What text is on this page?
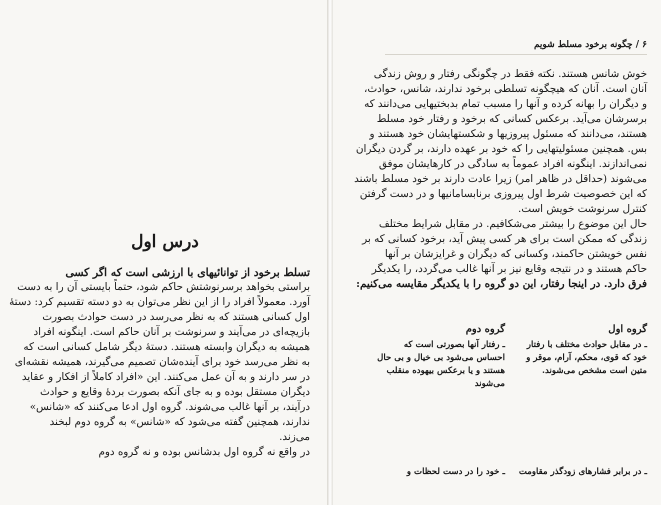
درس اول
تسلط برخود از توانائیهای با ارزشی است که اگر کسی
براستی بخواهد برسرنوشتش حاکم شود، حتماً بایستی آن را به دست
آورد. معمولاً افراد را از این نظر می‌توان به دو دسته تقسیم کرد: دستهٔ
اول کسانی هستند که به نظر می‌رسد در دست حوادث بصورت
بازیچه‌ای در می‌آیند و سرنوشت بر آنان حاکم است. اینگونه افراد
همیشه به دیگران وابسته هستند. دستهٔ دیگر شامل کسانی است که
به نظر می‌رسد خود برای آینده‌شان تصمیم می‌گیرند، همیشه نقشه‌ای
در سر دارند و به آن عمل می‌کنند. این «افراد کاملاً از افکار و عقاید
دیگران مستقل بوده و به جای آنکه بصورت برده‌ٔ وقایع و حوادث
درآیند، بر آنها غالب می‌شوند. گروه اول ادعا می‌کنند که «شانس»
ندارند، همچنین گفته می‌شود که «شانس» به گروه دوم لبخند
می‌زند.
در واقع نه گروه اول بدشانس بوده و نه گروه دوم
۶ / چگونه برخود مسلط شویم
خوش شانس هستند. نکته فقط در چگونگی رفتار و روش زندگی
آنان است. آنان که هیچگونه تسلطی برخود ندارند، شانس، حوادث،
و دیگران را بهانه کرده و آنها را مسبب تمام بدبختیهایی می‌دانند که
برسرشان می‌آید. برعکس کسانی که برخود و رفتار خود مسلط
هستند، می‌دانند که مسئول پیروزیها و شکستهایشان خود هستند و
بس. همچنین مسئولیتهایی را که خود بر عهده دارند، بر گردن دیگران
نمی‌اندازند. اینگونه افراد عموماً به سادگی در کارهایشان موفق
می‌شوند (حداقل در ظاهر امر) زیرا عادت دارند بر خود مسلط باشند
که این خصوصیت شرط اول پیروزی برنابسامانیها و در دست گرفتن
کنترل سرنوشت خویش است.
حال این موضوع را بیشتر می‌شکافیم. در مقابل شرایط مختلف
زندگی که ممکن است برای هر کسی پیش آید، برخود کسانی که بر
نفس خویشتن حاکمند، وکسانی که دیگران و غرایزشان بر آنها
حاکم هستند و در نتیجه وقایع نیز بر آنها غالب می‌گردد، را یکدیگر
فرق دارد. در اینجا رفتار، این دو گروه را با یکدیگر مقایسه می‌کنیم:
گروه اول
ـ در مقابل حوادث مختلف با رفتار
خود که قوی، محکم، آرام، موقر و
متین است مشخص می‌شوند.
ـ در برابر فشارهای زودگذر مقاومت
گروه دوم
ـ رفتار آنها بصورتی است که
احساس می‌شود بی خیال و بی حال
هستند و یا برعکس بیهوده منقلب
می‌شوند
ـ خود را در دست لحظات و
